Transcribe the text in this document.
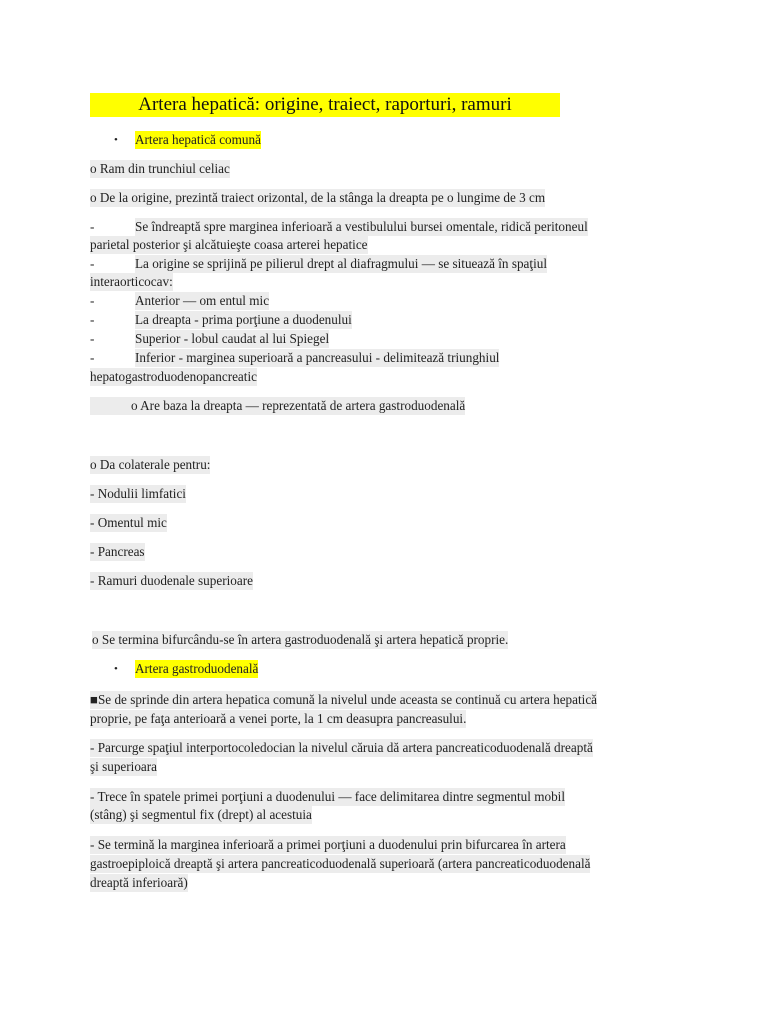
Artera hepatică: origine, traiect, raporturi, ramuri
• Artera hepatică comună
o Ram din trunchiul celiac
o De la origine, prezintă traiect orizontal, de la stânga la dreapta pe o lungime de 3 cm
-	Se îndreaptă spre marginea inferioară a vestibulului bursei omentale, ridică peritoneul
parietal posterior şi alcătuieşte coasa arterei hepatice
-	La origine se sprijină pe pilierul drept al diafragmului — se situează în spaţiul
interaorticocav:
-	Anterior — om entul mic
-	La dreapta - prima porţiune a duodenului
-	Superior - lobul caudat al lui Spiegel
-	Inferior - marginea superioară a pancreasului - delimitează triunghiul
hepatogastroduodenopancreatic
o Are baza la dreapta — reprezentată de artera gastroduodenală
o Da colaterale pentru:
- Nodulii limfatici
- Omentul mic
- Pancreas
- Ramuri duodenale superioare
o Se termina bifurcându-se în artera gastroduodenală şi artera hepatică proprie.
• Artera gastroduodenală
■Se de sprinde din artera hepatica comună la nivelul unde aceasta se continuă cu artera hepatică
proprie, pe faţa anterioară a venei porte, la 1 cm deasupra pancreasului.
- Parcurge spaţiul interportocoledocian la nivelul căruia dă artera pancreaticoduodenală dreaptă
şi superioara
- Trece în spatele primei porţiuni a duodenului — face delimitarea dintre segmentul mobil
(stâng) şi segmentul fix (drept) al acestuia
- Se termină la marginea inferioară a primei porţiuni a duodenului prin bifurcarea în artera
gastroepiploică dreaptă şi artera pancreaticoduodenală superioară (artera pancreaticoduodenală
dreaptă inferioară)
